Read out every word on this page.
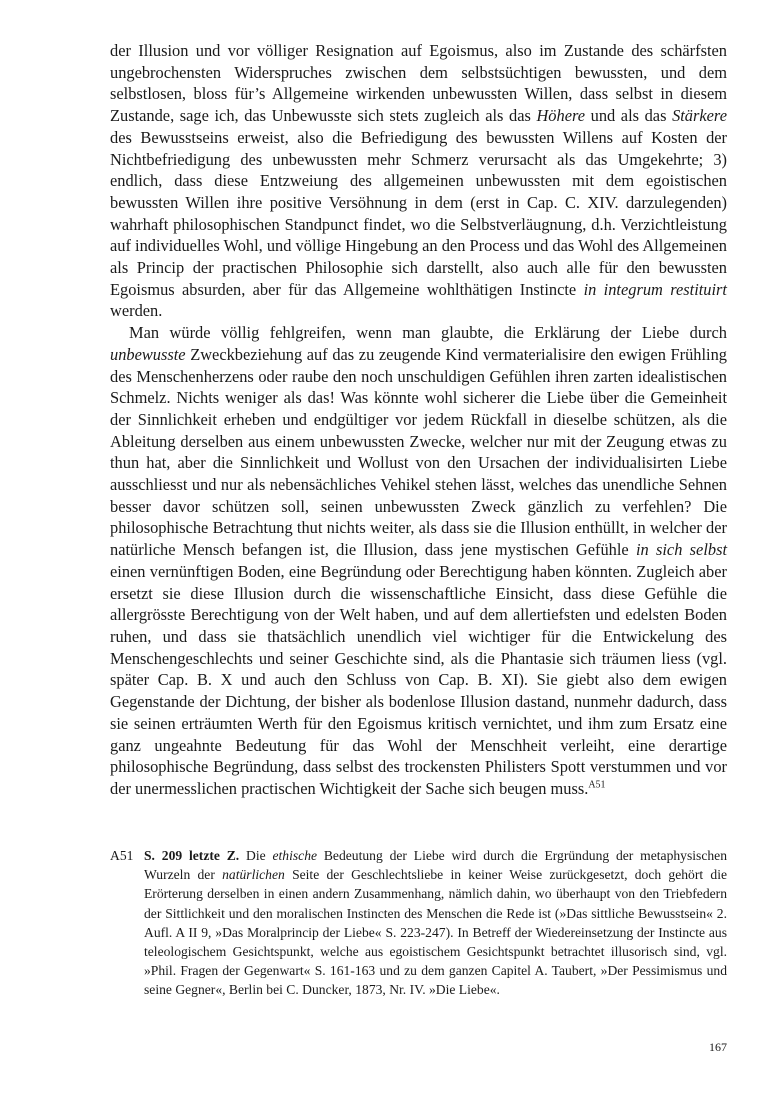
der Illusion und vor völliger Resignation auf Egoismus, also im Zustande des schärfsten ungebrochensten Widerspruches zwischen dem selbstsüchtigen bewussten, und dem selbstlosen, bloss für’s Allgemeine wirkenden unbewussten Willen, dass selbst in diesem Zustande, sage ich, das Unbewusste sich stets zugleich als das Höhere und als das Stärkere des Bewusstseins erweist, also die Befriedigung des bewussten Willens auf Kosten der Nichtbefriedigung des unbewussten mehr Schmerz verursacht als das Umgekehrte; 3) endlich, dass diese Entzweiung des allgemeinen unbewussten mit dem egoistischen bewussten Willen ihre positive Versöhnung in dem (erst in Cap. C. XIV. darzulegenden) wahrhaft philosophischen Standpunct findet, wo die Selbstverläugnung, d.h. Verzichtleistung auf individuelles Wohl, und völlige Hingebung an den Process und das Wohl des Allgemeinen als Princip der practischen Philosophie sich darstellt, also auch alle für den bewussten Egoismus absurden, aber für das Allgemeine wohlthätigen Instincte in integrum restituirt werden.

Man würde völlig fehlgreifen, wenn man glaubte, die Erklärung der Liebe durch unbewusste Zweckbeziehung auf das zu zeugende Kind vermaterialisire den ewigen Frühling des Menschenherzens oder raube den noch unschuldigen Gefühlen ihren zarten idealistischen Schmelz. Nichts weniger als das! Was könnte wohl sicherer die Liebe über die Gemeinheit der Sinnlichkeit erheben und endgültiger vor jedem Rückfall in dieselbe schützen, als die Ableitung derselben aus einem unbewussten Zwecke, welcher nur mit der Zeugung etwas zu thun hat, aber die Sinnlichkeit und Wollust von den Ursachen der individualisirten Liebe ausschliesst und nur als nebensächliches Vehikel stehen lässt, welches das unendliche Sehnen besser davor schützen soll, seinen unbewussten Zweck gänzlich zu verfehlen? Die philosophische Betrachtung thut nichts weiter, als dass sie die Illusion enthüllt, in welcher der natürliche Mensch befangen ist, die Illusion, dass jene mystischen Gefühle in sich selbst einen vernünftigen Boden, eine Begründung oder Berechtigung haben könnten. Zugleich aber ersetzt sie diese Illusion durch die wissenschaftliche Einsicht, dass diese Gefühle die allergrösste Berechtigung von der Welt haben, und auf dem allertiefsten und edelsten Boden ruhen, und dass sie thatsächlich unendlich viel wichtiger für die Entwickelung des Menschengeschlechts und seiner Geschichte sind, als die Phantasie sich träumen liess (vgl. später Cap. B. X und auch den Schluss von Cap. B. XI). Sie giebt also dem ewigen Gegenstande der Dichtung, der bisher als bodenlose Illusion dastand, nunmehr dadurch, dass sie seinen erträumten Werth für den Egoismus kritisch vernichtet, und ihm zum Ersatz eine ganz ungeahnte Bedeutung für das Wohl der Menschheit verleiht, eine derartige philosophische Begründung, dass selbst des trockensten Philisters Spott verstummen und vor der unermesslichen practischen Wichtigkeit der Sache sich beugen muss.$^{A51}$

A51 S. 209 letzte Z. Die ethische Bedeutung der Liebe wird durch die Ergründung der metaphysischen Wurzeln der natürlichen Seite der Geschlechtsliebe in keiner Weise zurückgesetzt, doch gehört die Erörterung derselben in einen andern Zusammenhang, nämlich dahin, wo überhaupt von den Triebfedern der Sittlichkeit und den moralischen Instincten des Menschen die Rede ist (»Das sittliche Bewusstsein« 2. Aufl. A II 9, »Das Moralprincip der Liebe« S. 223-247). In Betreff der Wiedereinsetzung der Instincte aus teleologischem Gesichtspunkt, welche aus egoistischem Gesichtspunkt betrachtet illusorisch sind, vgl. »Phil. Fragen der Gegenwart« S. 161-163 und zu dem ganzen Capitel A. Taubert, »Der Pessimismus und seine Gegner«, Berlin bei C. Duncker, 1873, Nr. IV. »Die Liebe«.
167
